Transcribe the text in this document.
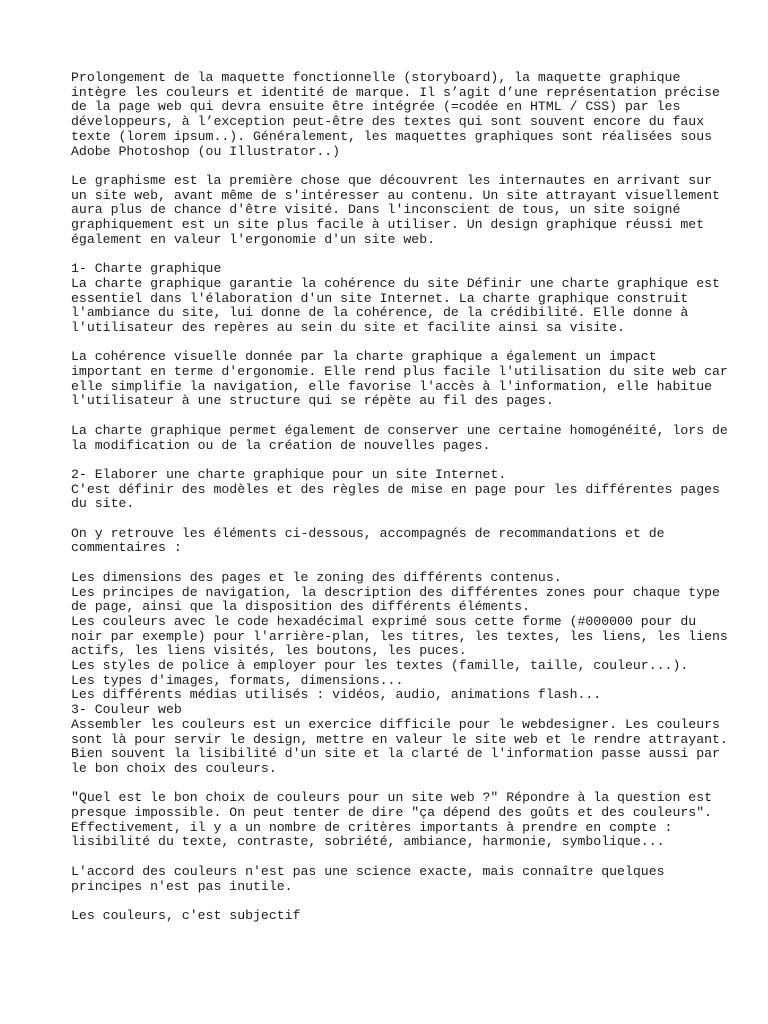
Prolongement de la maquette fonctionnelle (storyboard), la maquette graphique
intègre les couleurs et identité de marque. Il s’agit d’une représentation précise
de la page web qui devra ensuite être intégrée (=codée en HTML / CSS) par les
développeurs, à l’exception peut-être des textes qui sont souvent encore du faux
texte (lorem ipsum..). Généralement, les maquettes graphiques sont réalisées sous
Adobe Photoshop (ou Illustrator..)

Le graphisme est la première chose que découvrent les internautes en arrivant sur
un site web, avant même de s'intéresser au contenu. Un site attrayant visuellement
aura plus de chance d'être visité. Dans l'inconscient de tous, un site soigné
graphiquement est un site plus facile à utiliser. Un design graphique réussi met
également en valeur l'ergonomie d'un site web.

1- Charte graphique
La charte graphique garantie la cohérence du site Définir une charte graphique est
essentiel dans l'élaboration d'un site Internet. La charte graphique construit
l'ambiance du site, lui donne de la cohérence, de la crédibilité. Elle donne à
l'utilisateur des repères au sein du site et facilite ainsi sa visite.

La cohérence visuelle donnée par la charte graphique a également un impact
important en terme d'ergonomie. Elle rend plus facile l'utilisation du site web car
elle simplifie la navigation, elle favorise l'accès à l'information, elle habitue
l'utilisateur à une structure qui se répète au fil des pages.

La charte graphique permet également de conserver une certaine homogénéité, lors de
la modification ou de la création de nouvelles pages.

2- Elaborer une charte graphique pour un site Internet.
C'est définir des modèles et des règles de mise en page pour les différentes pages
du site.

On y retrouve les éléments ci-dessous, accompagnés de recommandations et de
commentaires :

Les dimensions des pages et le zoning des différents contenus.
Les principes de navigation, la description des différentes zones pour chaque type
de page, ainsi que la disposition des différents éléments.
Les couleurs avec le code hexadécimal exprimé sous cette forme (#000000 pour du
noir par exemple) pour l'arrière-plan, les titres, les textes, les liens, les liens
actifs, les liens visités, les boutons, les puces.
Les styles de police à employer pour les textes (famille, taille, couleur...).
Les types d'images, formats, dimensions...
Les différents médias utilisés : vidéos, audio, animations flash...
3- Couleur web
Assembler les couleurs est un exercice difficile pour le webdesigner. Les couleurs
sont là pour servir le design, mettre en valeur le site web et le rendre attrayant.
Bien souvent la lisibilité d'un site et la clarté de l'information passe aussi par
le bon choix des couleurs.

"Quel est le bon choix de couleurs pour un site web ?" Répondre à la question est
presque impossible. On peut tenter de dire "ça dépend des goûts et des couleurs".
Effectivement, il y a un nombre de critères importants à prendre en compte :
lisibilité du texte, contraste, sobriété, ambiance, harmonie, symbolique...

L'accord des couleurs n'est pas une science exacte, mais connaître quelques
principes n'est pas inutile.

Les couleurs, c'est subjectif
